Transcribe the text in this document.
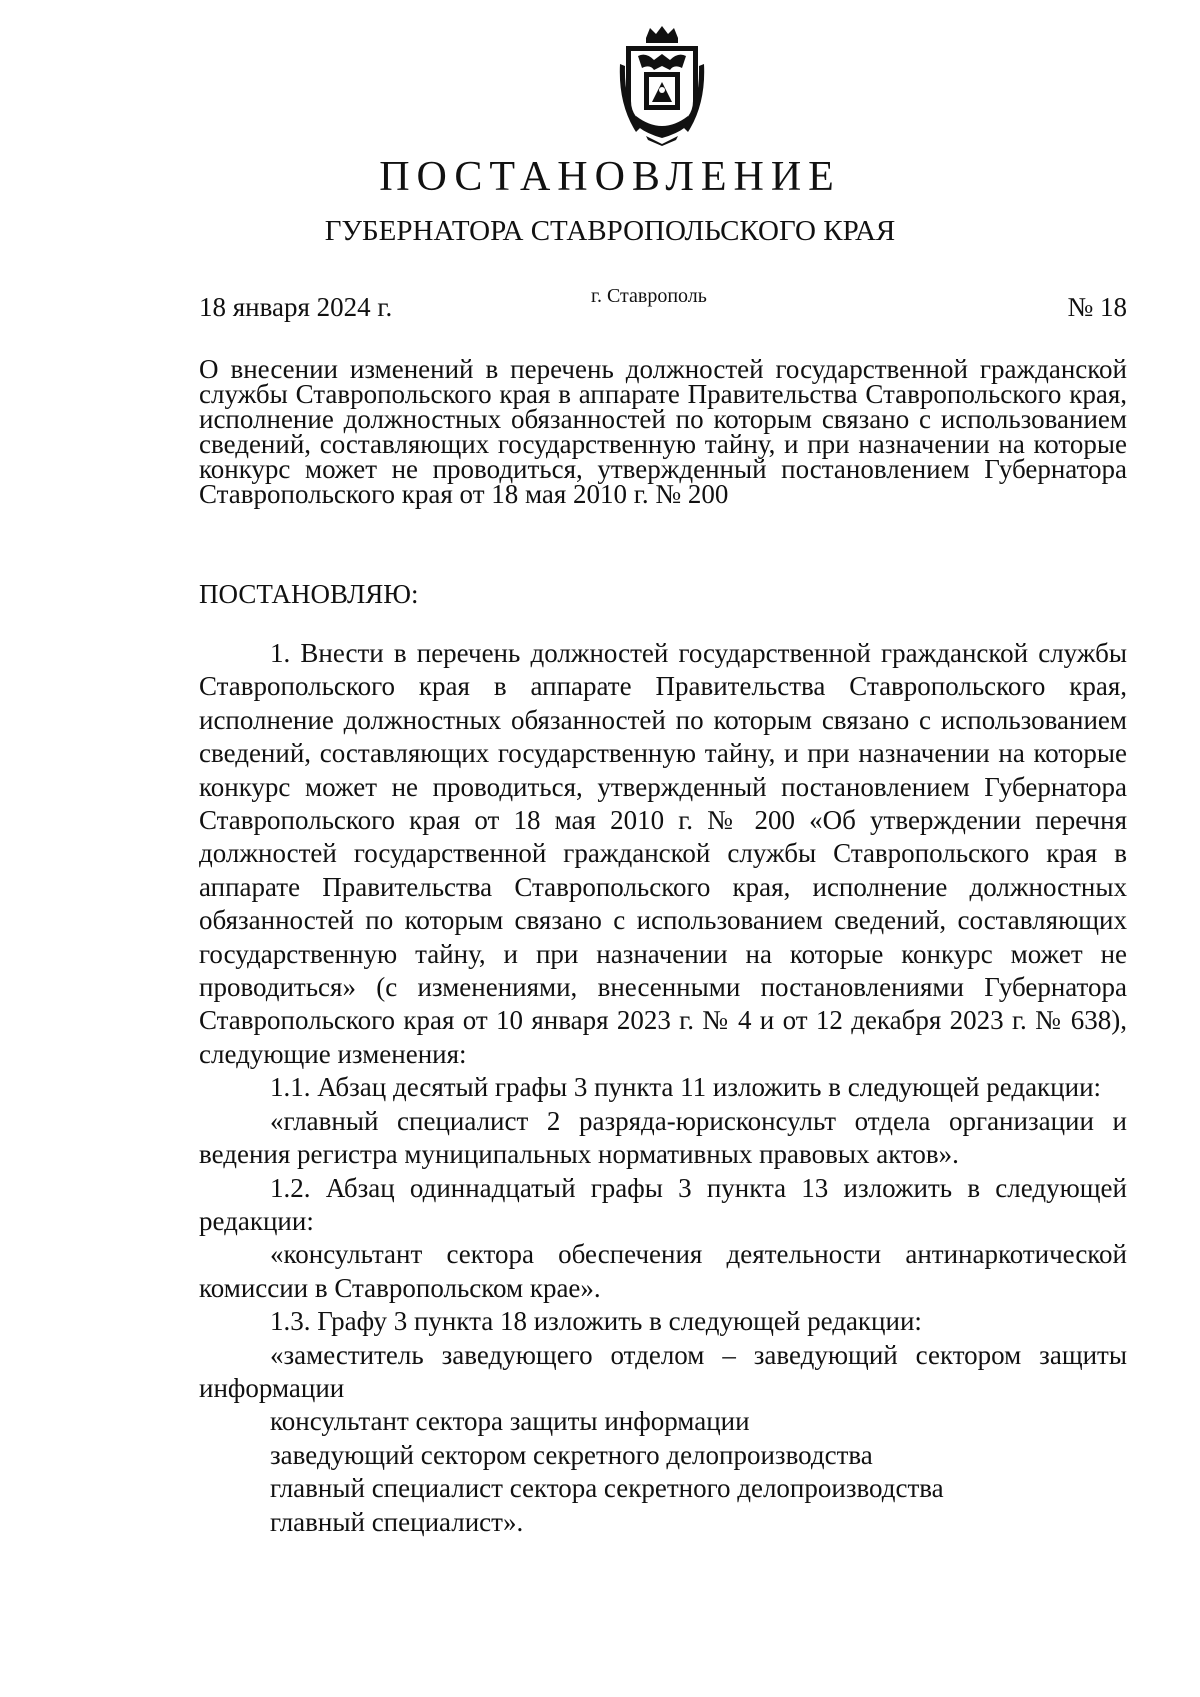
ПОСТАНОВЛЕНИЕ
ГУБЕРНАТОРА СТАВРОПОЛЬСКОГО КРАЯ
18 января 2024 г.	г. Ставрополь	№ 18

О внесении изменений в перечень должностей государственной гражданской службы Ставропольского края в аппарате Правительства Ставропольского края, исполнение должностных обязанностей по которым связано с использованием сведений, составляющих государственную тайну, и при назначении на которые конкурс может не проводиться, утвержденный постановлением Губернатора Ставропольского края от 18 мая 2010 г. № 200

ПОСТАНОВЛЯЮ:

1. Внести в перечень должностей государственной гражданской службы Ставропольского края в аппарате Правительства Ставропольского края, исполнение должностных обязанностей по которым связано с использованием сведений, составляющих государственную тайну, и при назначении на которые конкурс может не проводиться, утвержденный постановлением Губернатора Ставропольского края от 18 мая 2010 г. № 200 «Об утверждении перечня должностей государственной гражданской службы Ставропольского края в аппарате Правительства Ставропольского края, исполнение должностных обязанностей по которым связано с использованием сведений, составляющих государственную тайну, и при назначении на которые конкурс может не проводиться» (с изменениями, внесенными постановлениями Губернатора Ставропольского края от 10 января 2023 г. № 4 и от 12 декабря 2023 г. № 638), следующие изменения:

1.1. Абзац десятый графы 3 пункта 11 изложить в следующей редакции:

«главный специалист 2 разряда-юрисконсульт отдела организации и ведения регистра муниципальных нормативных правовых актов».

1.2. Абзац одиннадцатый графы 3 пункта 13 изложить в следующей редакции:

«консультант сектора обеспечения деятельности антинаркотической комиссии в Ставропольском крае».

1.3. Графу 3 пункта 18 изложить в следующей редакции:

«заместитель заведующего отделом – заведующий сектором защиты информации

консультант сектора защиты информации

заведующий сектором секретного делопроизводства

главный специалист сектора секретного делопроизводства

главный специалист».
